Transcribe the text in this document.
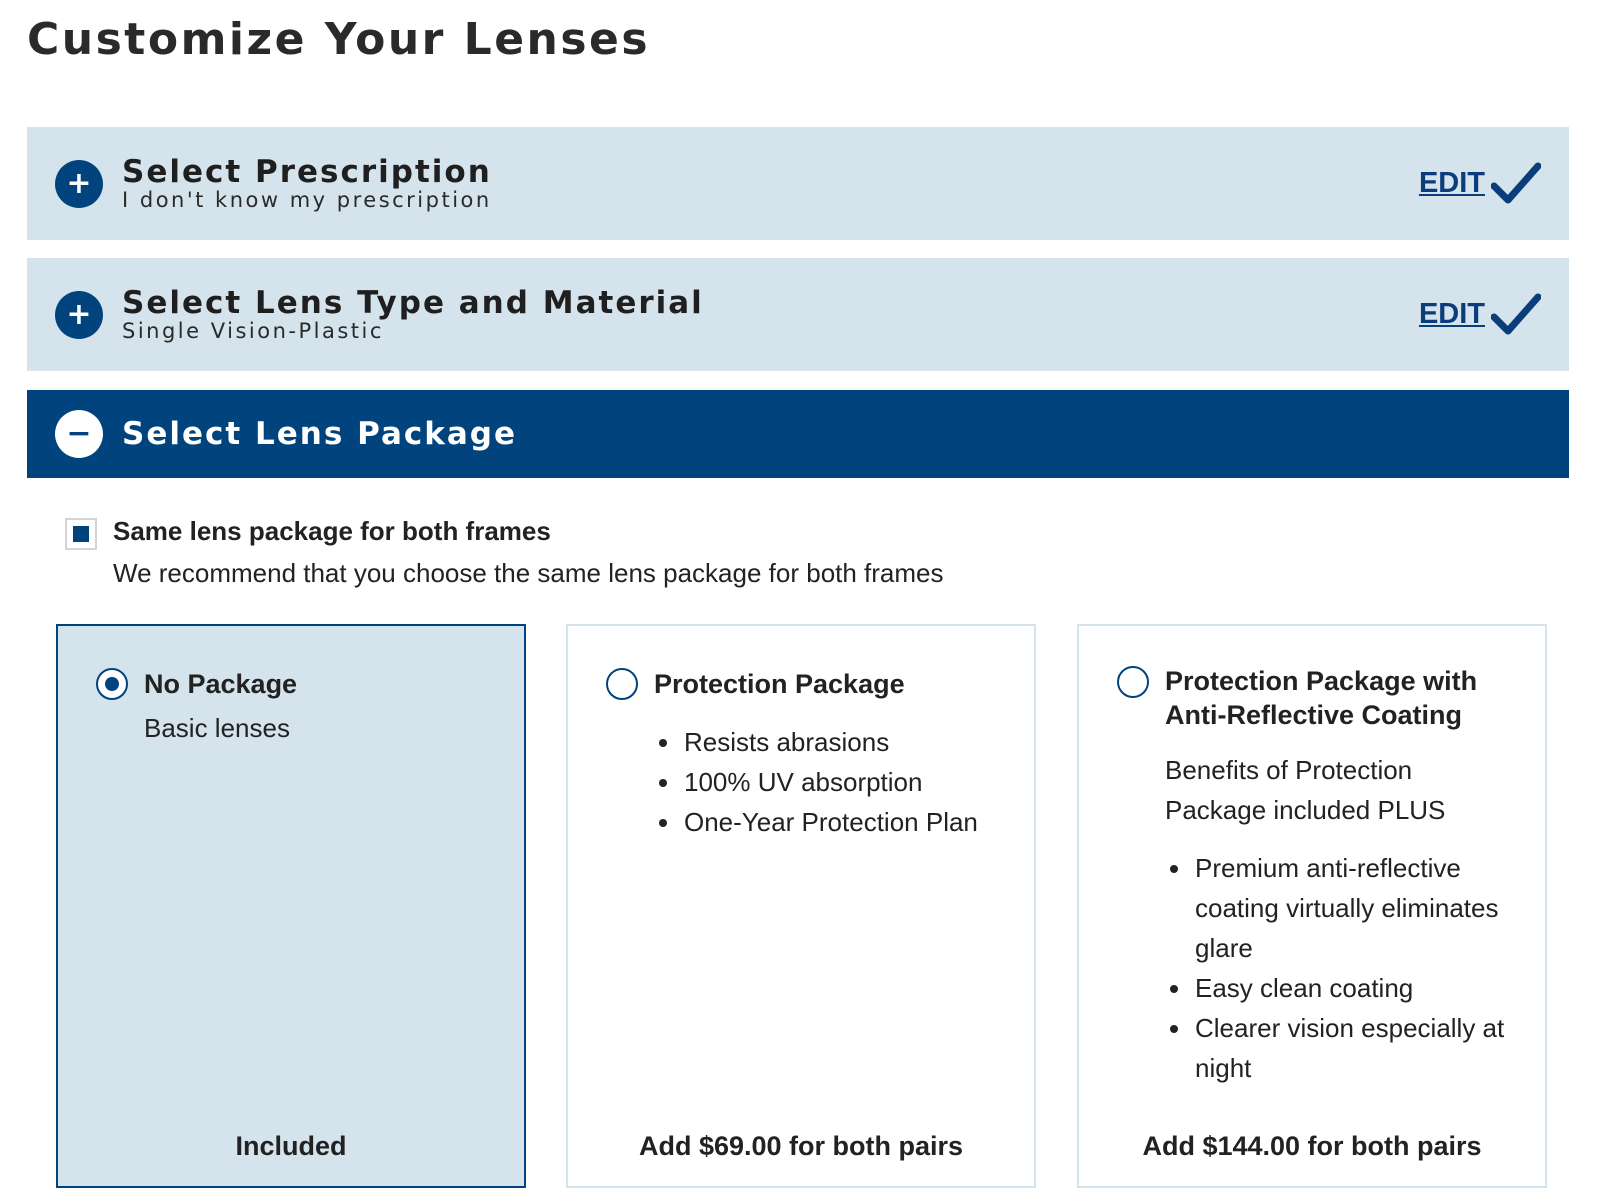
Customize Your Lenses
+ Select Prescription
I don't know my prescription
EDIT
+ Select Lens Type and Material
Single Vision-Plastic
EDIT
− Select Lens Package
Same lens package for both frames
We recommend that you choose the same lens package for both frames
No Package
Basic lenses
Included
Protection Package
• Resists abrasions
• 100% UV absorption
• One-Year Protection Plan
Add $69.00 for both pairs
Protection Package with Anti-Reflective Coating
Benefits of Protection Package included PLUS
• Premium anti-reflective coating virtually eliminates glare
• Easy clean coating
• Clearer vision especially at night
Add $144.00 for both pairs
